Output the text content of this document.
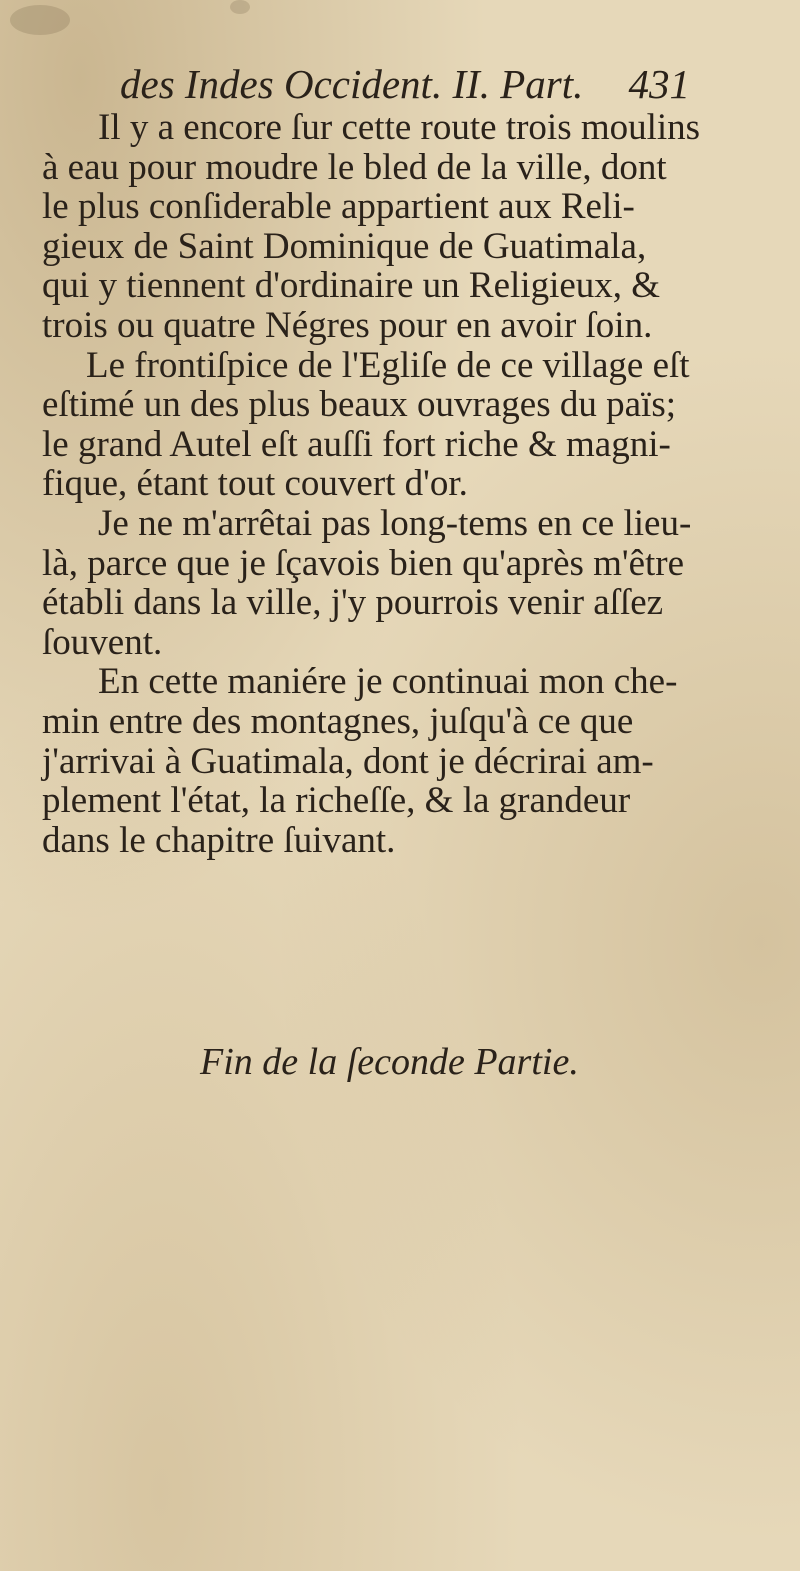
des Indes Occident. II. Part. 431
Il y a encore ſur cette route trois moulins
à eau pour moudre le bled de la ville, dont
le plus conſiderable appartient aux Reli-
gieux de Saint Dominique de Guatimala,
qui y tiennent d'ordinaire un Religieux, &
trois ou quatre Négres pour en avoir ſoin.
Le frontiſpice de l'Egliſe de ce village eſt
eſtimé un des plus beaux ouvrages du païs;
le grand Autel eſt auſſi fort riche & magni-
fique, étant tout couvert d'or.
Je ne m'arrêtai pas long-tems en ce lieu-
là, parce que je ſçavois bien qu'après m'être
établi dans la ville, j'y pourrois venir aſſez
ſouvent.
En cette maniére je continuai mon che-
min entre des montagnes, juſqu'à ce que
j'arrivai à Guatimala, dont je décrirai am-
plement l'état, la richeſſe, & la grandeur
dans le chapitre ſuivant.
Fin de la ſeconde Partie.
